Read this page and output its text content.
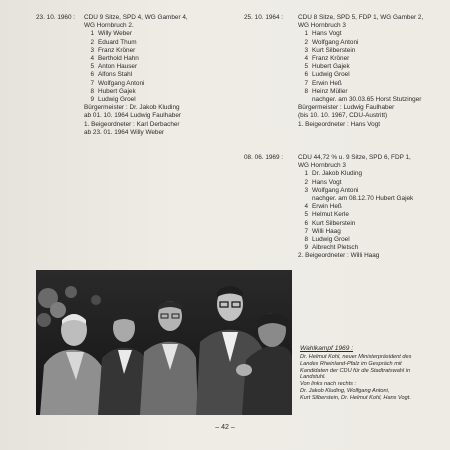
23. 10. 1960 : CDU 9 Sitze, SPD 4, WG Gamber 4,
WG Hornbruch 2.
1 Willy Weber
2 Eduard Thum
3 Franz Kröner
4 Berthold Hahn
5 Anton Hauser
6 Alfons Stahl
7 Wolfgang Antoni
8 Hubert Gajek
9 Ludwig Groel
Bürgermeister : Dr. Jakob Kluding
ab 01. 10. 1964 Ludwig Faulhaber
1. Beigeordneter : Karl Derbacher
ab 23. 01. 1964 Willy Weber
25. 10. 1964 : CDU 8 Sitze, SPD 5, FDP 1, WG Gamber 2,
WG Hornbruch 3
1 Hans Vogt
2 Wolfgang Antoni
3 Kurt Silberstein
4 Franz Kröner
5 Hubert Gajek
6 Ludwig Groel
7 Erwin Heß
8 Heinz Müller
nachger. am 30.03.65 Horst Stutzinger
Bürgermeister : Ludwig Faulhaber
(bis 10. 10. 1967, CDU-Austritt)
1. Beigeordneter : Hans Vogt
08. 06. 1969 : CDU 44,72 % u. 9 Sitze, SPD 6, FDP 1,
WG Hornbruch 3
1 Dr. Jakob Kluding
2 Hans Vogt
3 Wolfgang Antoni
nachger. am 08.12.70 Hubert Gajek
4 Erwin Heß
5 Helmut Kerle
6 Kurt Silberstein
7 Willi Haag
8 Ludwig Groel
9 Albrecht Pletsch
2. Beigeordneter : Willi Haag
Wahlkampf 1969 :
Dr. Helmut Kohl, neuer Ministerpräsident des
Landes Rheinland-Pfalz im Gespräch mit
Kandidaten der CDU für die Stadtratswahl in
Landstuhl.
Von links nach rechts :
Dr. Jakob Kluding, Wolfgang Antoni,
Kurt Silberstein, Dr. Helmut Kohl, Hans Vogt.
– 42 –
